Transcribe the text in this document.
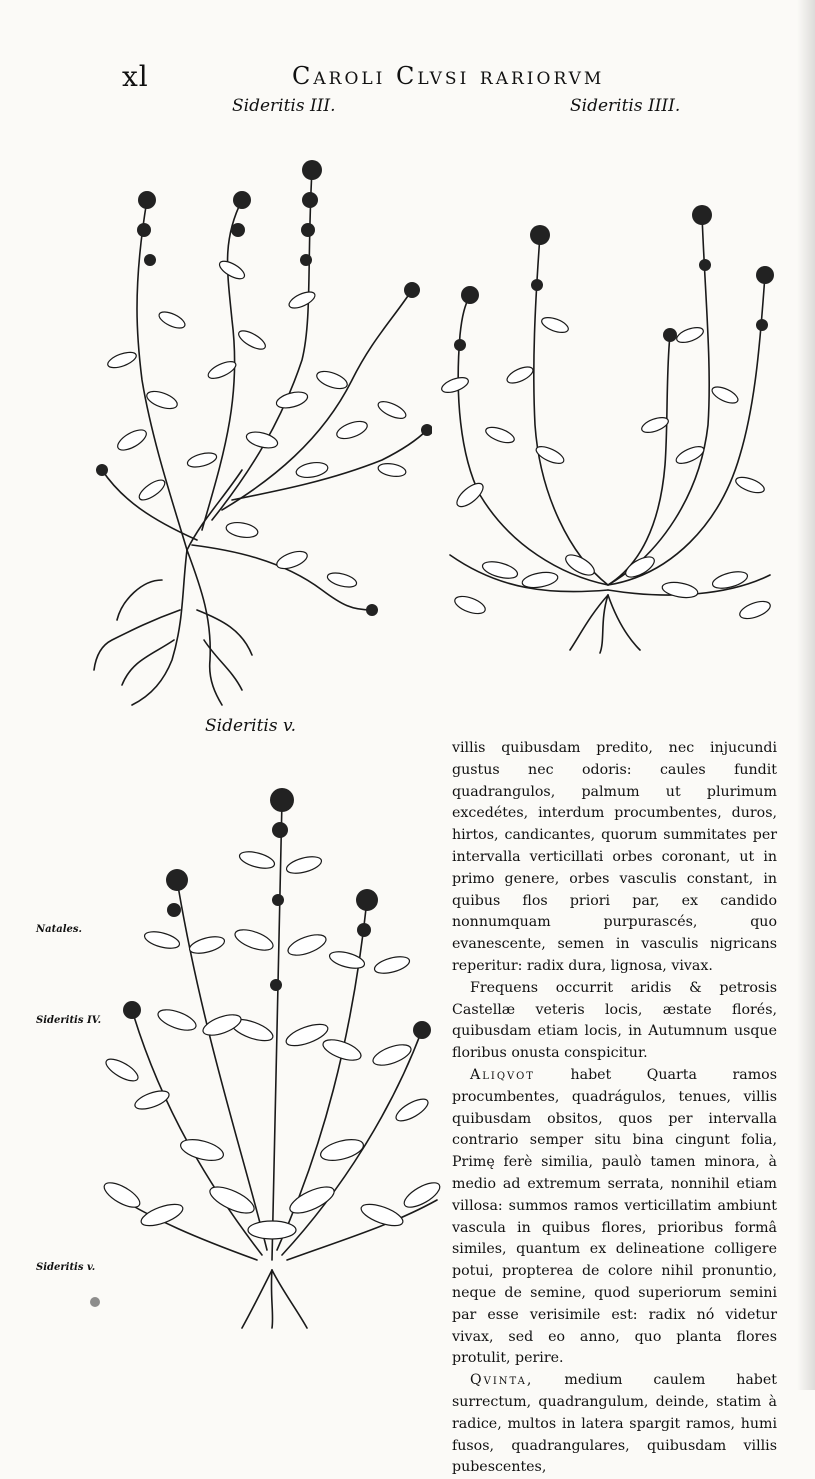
xl	Caroli Clvsi rariorvm
Sideritis III.	Sideritis IIII.
Sideritis v.
Natales.
Sideritis IV.
Sideritis v.

villis quibusdam predito, nec injucundi gustus nec odoris: caules fundit quadrangulos, palmum ut plurimum excedétes, interdum procumbentes, duros, hirtos, candicantes, quorum summitates per intervalla verticillati orbes coronant, ut in primo genere, orbes vasculis constant, in quibus flos priori par, ex candido nonnumquam purpurascés, quo evanescente, semen in vasculis nigricans reperitur: radix dura, lignosa, vivax.

Frequens occurrit aridis & petrosis Castellæ veteris locis, æstate florés, quibusdam etiam locis, in Autumnum usque floribus onusta conspicitur.

Aliqvot	habet Quarta ramos procumbentes, quadrágulos, tenues, villis quibusdam obsitos, quos per intervalla contrario semper situ bina cingunt folia, Primę ferè similia, paulò tamen minora, à medio ad extremum serrata, nonnihil etiam villosa: summos ramos verticillatim ambiunt vascula in quibus flores, prioribus formâ similes, quantum ex delineatione colligere potui, propterea de colore nihil pronuntio, neque de semine, quod superiorum semini par esse verisimile est: radix nó videtur vivax, sed eo anno, quo planta flores protulit, perire.

Qvinta, medium caulem habet surrectum, quadrangulum, deinde, statim à radice, multos in latera spargit ramos, humi fusos, quadrangulares, quibusdam villis pubescentes,
